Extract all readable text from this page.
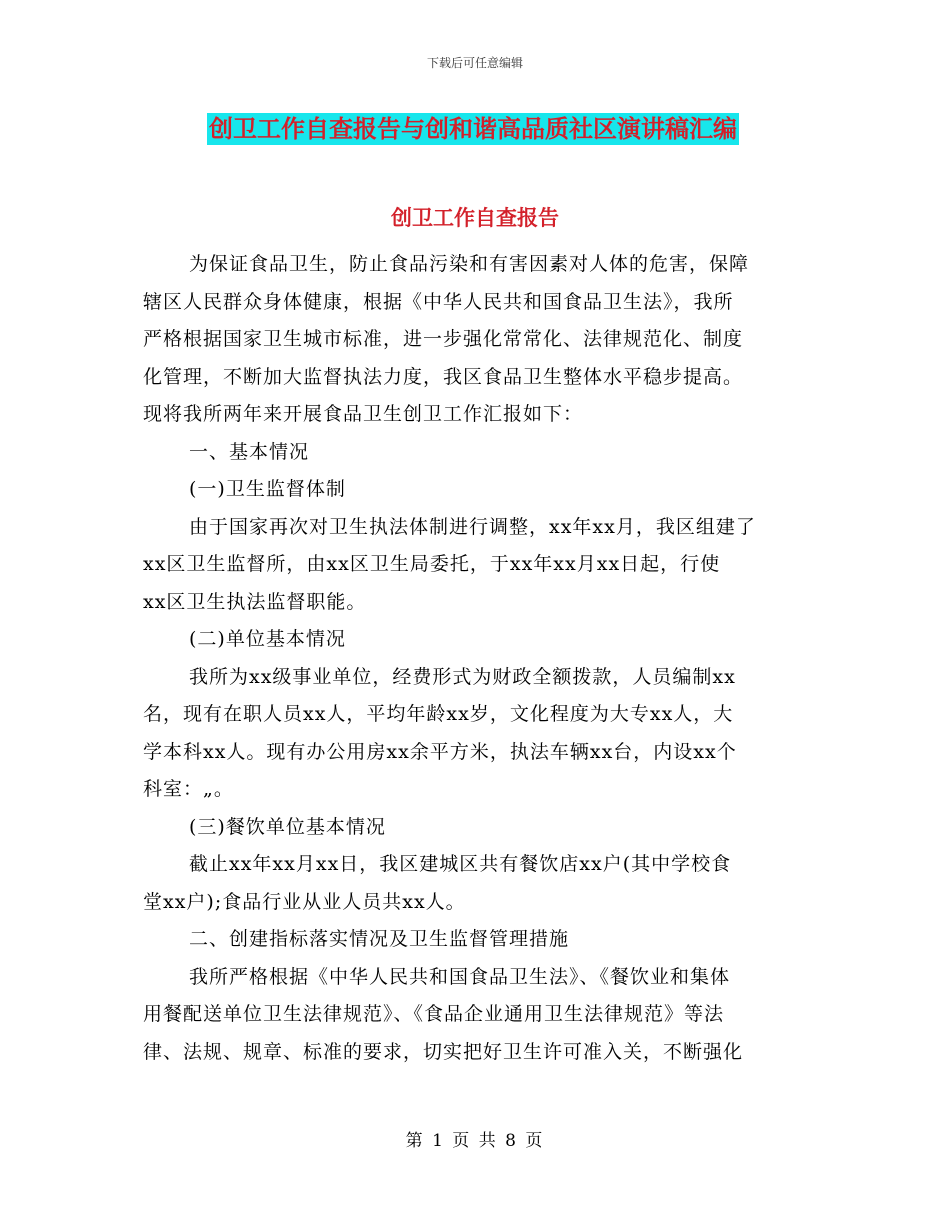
下载后可任意编辑
创卫工作自查报告与创和谐高品质社区演讲稿汇编
创卫工作自查报告

为保证食品卫生，防止食品污染和有害因素对人体的危害，保障

辖区人民群众身体健康，根据《中华人民共和国食品卫生法》，我所

严格根据国家卫生城市标准，进一步强化常常化、法律规范化、制度

化管理，不断加大监督执法力度，我区食品卫生整体水平稳步提高。

现将我所两年来开展食品卫生创卫工作汇报如下：

一、基本情况

(一)卫生监督体制

由于国家再次对卫生执法体制进行调整，xx年xx月，我区组建了

xx区卫生监督所，由xx区卫生局委托，于xx年xx月xx日起，行使

xx区卫生执法监督职能。

(二)单位基本情况

我所为xx级事业单位，经费形式为财政全额拨款，人员编制xx

名，现有在职人员xx人，平均年龄xx岁，文化程度为大专xx人，大

学本科xx人。现有办公用房xx余平方米，执法车辆xx台，内设xx个

科室：„。

(三)餐饮单位基本情况

截止xx年xx月xx日，我区建城区共有餐饮店xx户(其中学校食

堂xx户);食品行业从业人员共xx人。

二、创建指标落实情况及卫生监督管理措施

我所严格根据《中华人民共和国食品卫生法》、《餐饮业和集体

用餐配送单位卫生法律规范》、《食品企业通用卫生法律规范》等法

律、法规、规章、标准的要求，切实把好卫生许可准入关，不断强化

第 1 页 共 8 页
